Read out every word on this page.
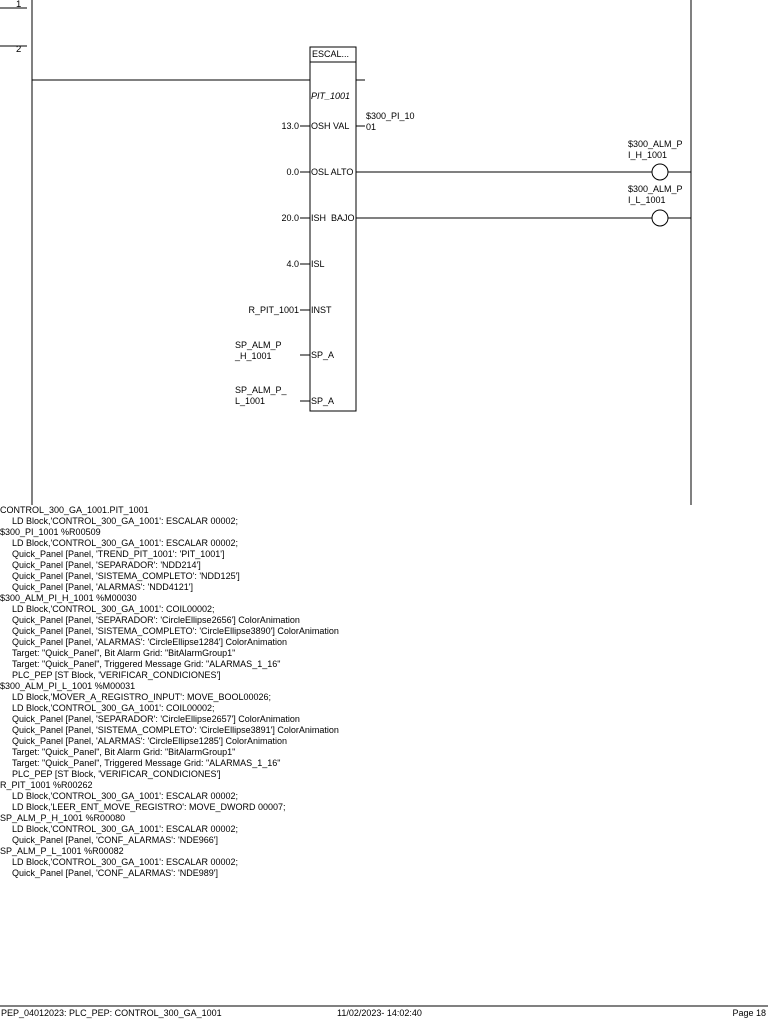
1
2	ESCAL...
PIT_1001
OSH VAL
OSL ALTO
ISH  BAJO
ISL
INST
SP_A
SP_A
13.0
0.0
20.0
4.0
R_PIT_1001
SP_ALM_P
_H_1001
SP_ALM_P_
L_1001
$300_PI_10
01
$300_ALM_P
I_H_1001
$300_ALM_P
I_L_1001
CONTROL_300_GA_1001.PIT_1001
LD Block,'CONTROL_300_GA_1001': ESCALAR 00002;
$300_PI_1001 %R00509
LD Block,'CONTROL_300_GA_1001': ESCALAR 00002;
Quick_Panel [Panel, 'TREND_PIT_1001': 'PIT_1001']
Quick_Panel [Panel, 'SEPARADOR': 'NDD214']
Quick_Panel [Panel, 'SISTEMA_COMPLETO': 'NDD125']
Quick_Panel [Panel, 'ALARMAS': 'NDD4121']
$300_ALM_PI_H_1001 %M00030
LD Block,'CONTROL_300_GA_1001': COIL00002;
Quick_Panel [Panel, 'SEPARADOR': 'CircleEllipse2656'] ColorAnimation
Quick_Panel [Panel, 'SISTEMA_COMPLETO': 'CircleEllipse3890'] ColorAnimation
Quick_Panel [Panel, 'ALARMAS': 'CircleEllipse1284'] ColorAnimation
Target: "Quick_Panel", Bit Alarm Grid: "BitAlarmGroup1"
Target: "Quick_Panel", Triggered Message Grid: "ALARMAS_1_16"
PLC_PEP [ST Block, 'VERIFICAR_CONDICIONES']
$300_ALM_PI_L_1001 %M00031
LD Block,'MOVER_A_REGISTRO_INPUT': MOVE_BOOL00026;
LD Block,'CONTROL_300_GA_1001': COIL00002;
Quick_Panel [Panel, 'SEPARADOR': 'CircleEllipse2657'] ColorAnimation
Quick_Panel [Panel, 'SISTEMA_COMPLETO': 'CircleEllipse3891'] ColorAnimation
Quick_Panel [Panel, 'ALARMAS': 'CircleEllipse1285'] ColorAnimation
Target: "Quick_Panel", Bit Alarm Grid: "BitAlarmGroup1"
Target: "Quick_Panel", Triggered Message Grid: "ALARMAS_1_16"
PLC_PEP [ST Block, 'VERIFICAR_CONDICIONES']
R_PIT_1001 %R00262
LD Block,'CONTROL_300_GA_1001': ESCALAR 00002;
LD Block,'LEER_ENT_MOVE_REGISTRO': MOVE_DWORD 00007;
SP_ALM_P_H_1001 %R00080
LD Block,'CONTROL_300_GA_1001': ESCALAR 00002;
Quick_Panel [Panel, 'CONF_ALARMAS': 'NDE966']
SP_ALM_P_L_1001 %R00082
LD Block,'CONTROL_300_GA_1001': ESCALAR 00002;
Quick_Panel [Panel, 'CONF_ALARMAS': 'NDE989']
PEP_04012023: PLC_PEP: CONTROL_300_GA_1001	11/02/2023- 14:02:40	Page 18
